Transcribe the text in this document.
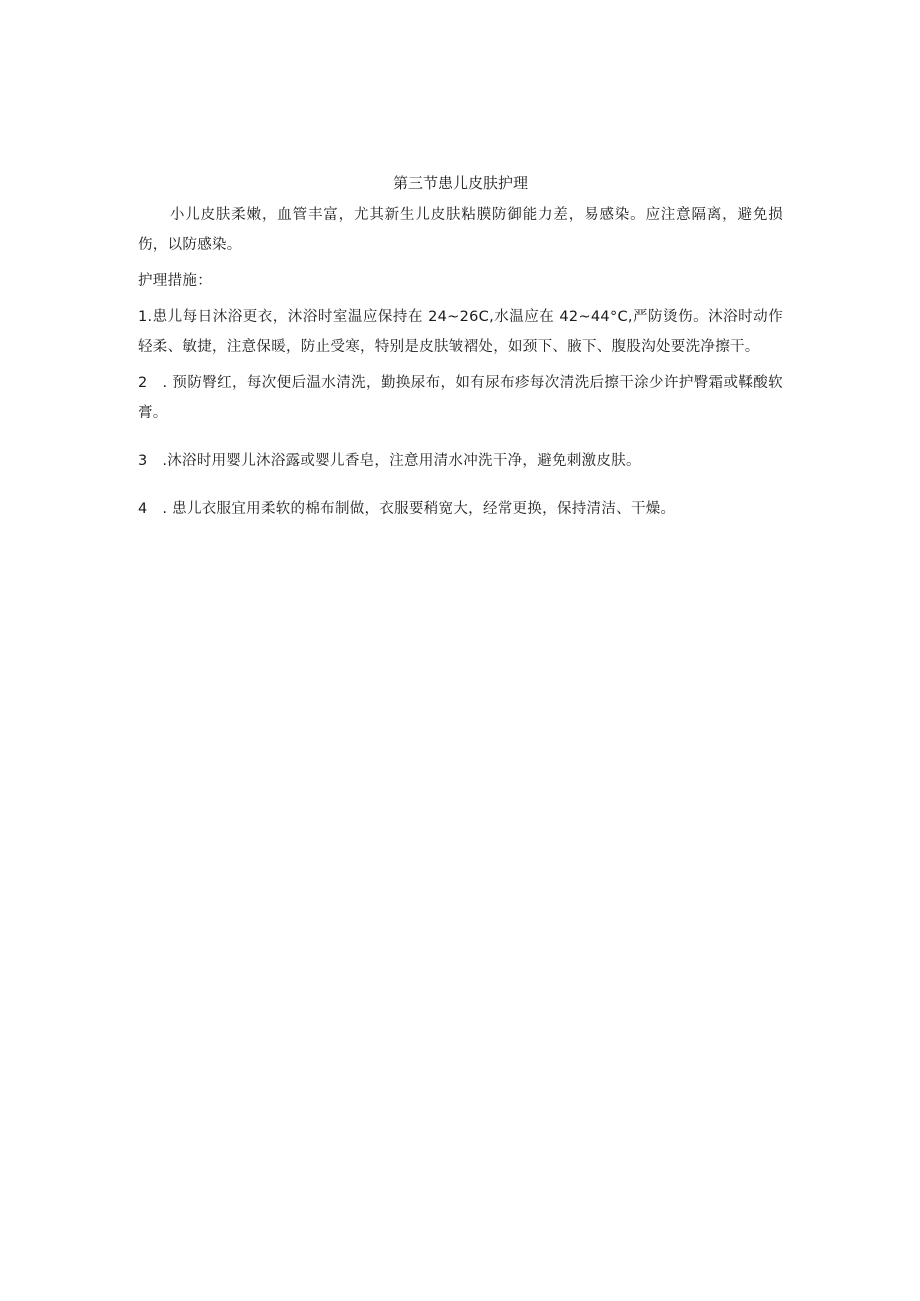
第三节患儿皮肤护理

小儿皮肤柔嫩，血管丰富，尤其新生儿皮肤粘膜防御能力差，易感染。应注意隔离，避免损伤，以防感染。

护理措施：

1.患儿每日沐浴更衣，沐浴时室温应保持在 24~26C,水温应在 42~44°C,严防烫伤。沐浴时动作轻柔、敏捷，注意保暖，防止受寒，特别是皮肤皱褶处，如颈下、腋下、腹股沟处要洗净擦干。

2　. 预防臀红，每次便后温水清洗，勤换尿布，如有尿布疹每次清洗后擦干涂少许护臀霜或鞣酸软膏。

3　.沐浴时用婴儿沐浴露或婴儿香皂，注意用清水冲洗干净，避免刺激皮肤。

4　. 患儿衣服宜用柔软的棉布制做，衣服要稍宽大，经常更换，保持清洁、干燥。
